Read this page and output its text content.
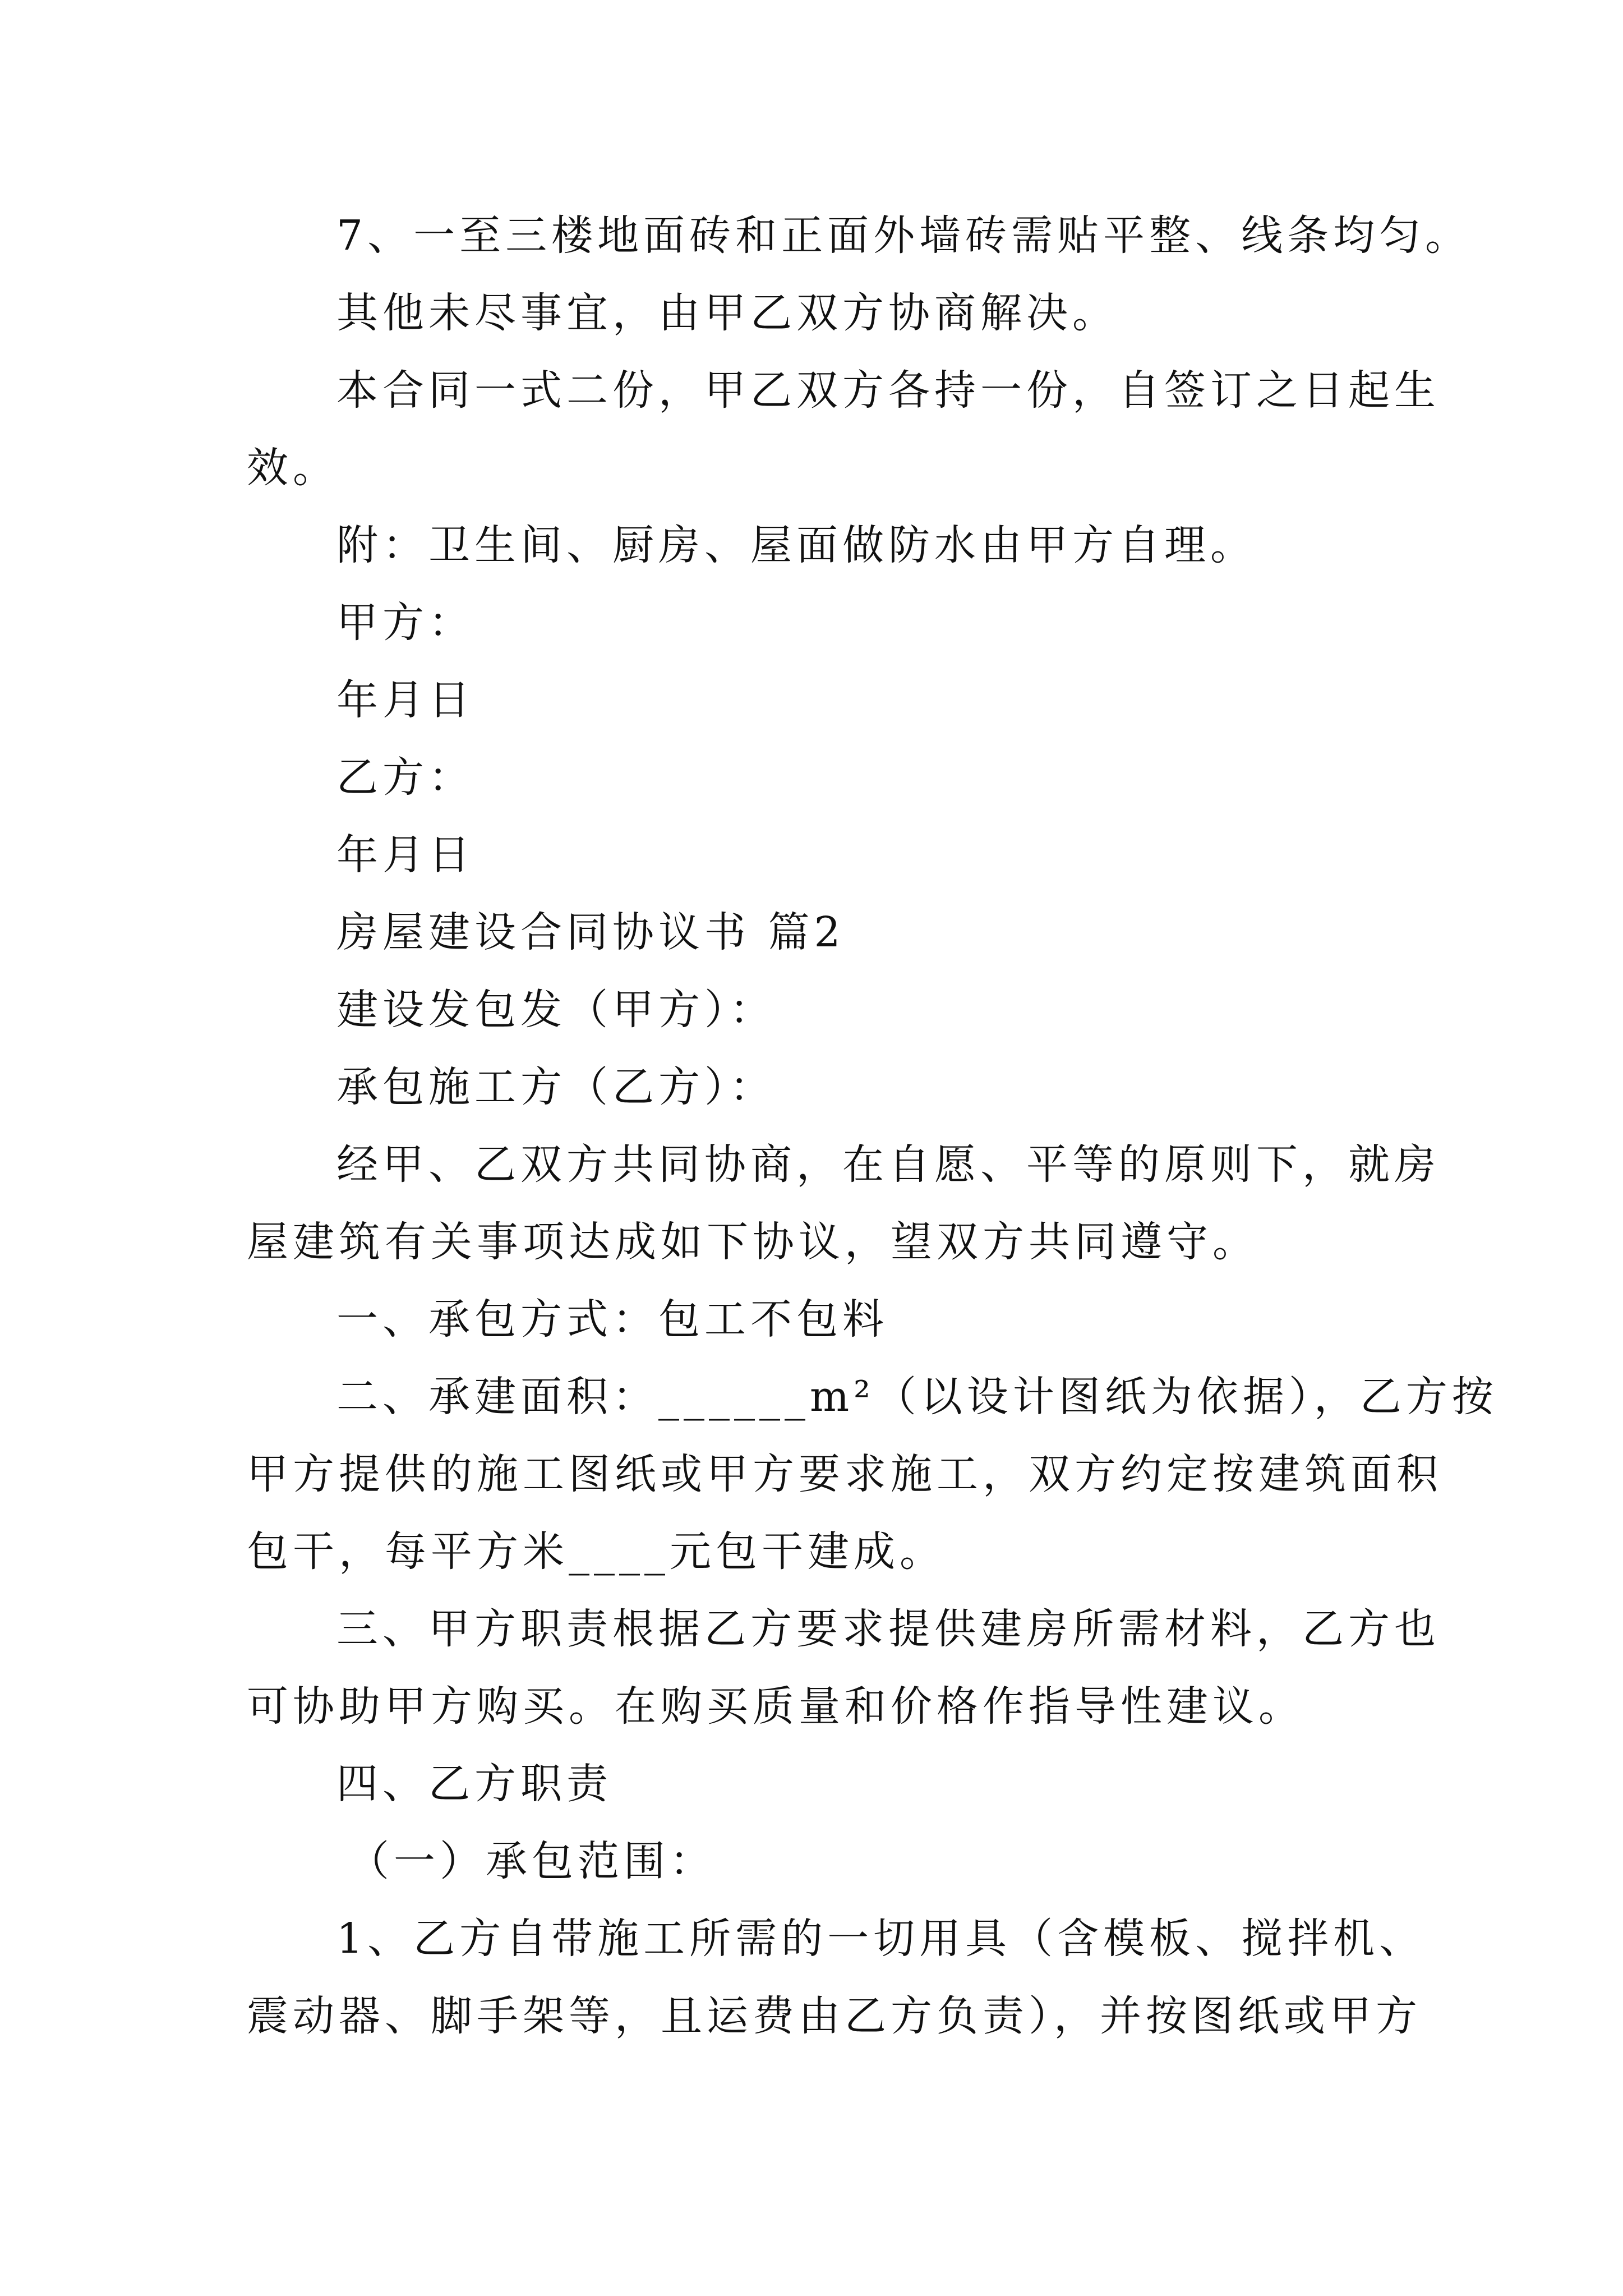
7、一至三楼地面砖和正面外墙砖需贴平整、线条均匀。
其他未尽事宜，由甲乙双方协商解决。
本合同一式二份，甲乙双方各持一份，自签订之日起生
效。
附：卫生间、厨房、屋面做防水由甲方自理。
甲方：
年月日
乙方：
年月日
房屋建设合同协议书 篇2
建设发包发（甲方）：
承包施工方（乙方）：
经甲、乙双方共同协商，在自愿、平等的原则下，就房
屋建筑有关事项达成如下协议，望双方共同遵守。
一、承包方式：包工不包料
二、承建面积：______m²（以设计图纸为依据），乙方按
甲方提供的施工图纸或甲方要求施工，双方约定按建筑面积
包干，每平方米____元包干建成。
三、甲方职责根据乙方要求提供建房所需材料，乙方也
可协助甲方购买。在购买质量和价格作指导性建议。
四、乙方职责
（一）承包范围：
1、乙方自带施工所需的一切用具（含模板、搅拌机、
震动器、脚手架等，且运费由乙方负责），并按图纸或甲方
